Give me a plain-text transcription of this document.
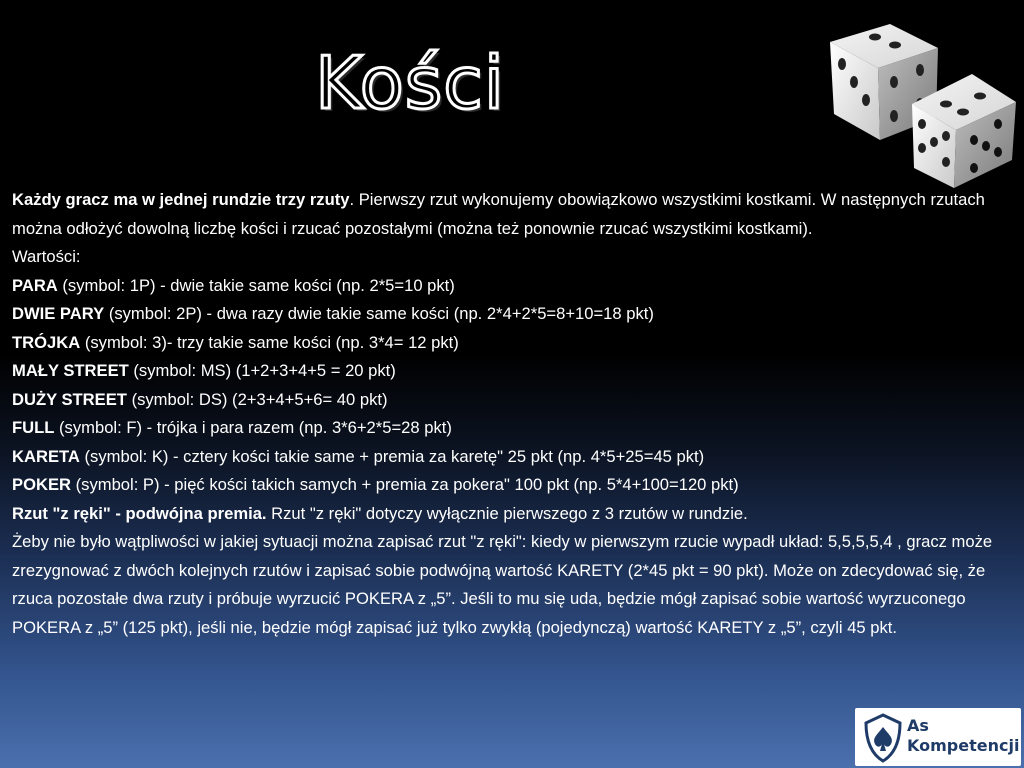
Kości

Każdy gracz ma w jednej rundzie trzy rzuty. Pierwszy rzut wykonujemy obowiązkowo wszystkimi kostkami. W następnych rzutach można odłożyć dowolną liczbę kości i rzucać pozostałymi (można też ponownie rzucać wszystkimi kostkami).

Wartości:

PARA (symbol: 1P) - dwie takie same kości (np. 2*5=10 pkt)

DWIE PARY (symbol: 2P) - dwa razy dwie takie same kości (np. 2*4+2*5=8+10=18 pkt)

TRÓJKA (symbol: 3)- trzy takie same kości (np. 3*4= 12 pkt)

MAŁY STREET (symbol: MS) (1+2+3+4+5 = 20 pkt)

DUŻY STREET (symbol: DS) (2+3+4+5+6= 40 pkt)

FULL (symbol: F) - trójka i para razem (np. 3*6+2*5=28 pkt)

KARETA (symbol: K) - cztery kości takie same + premia za karetę" 25 pkt (np. 4*5+25=45 pkt)

POKER (symbol: P) - pięć kości takich samych + premia za pokera" 100 pkt (np. 5*4+100=120 pkt)

Rzut "z ręki" - podwójna premia. Rzut "z ręki" dotyczy wyłącznie pierwszego z 3 rzutów w rundzie.

Żeby nie było wątpliwości w jakiej sytuacji można zapisać rzut "z ręki": kiedy w pierwszym rzucie wypadł układ: 5,5,5,5,4 , gracz może zrezygnować z dwóch kolejnych rzutów i zapisać sobie podwójną wartość KARETY (2*45 pkt = 90 pkt). Może on zdecydować się, że rzuca pozostałe dwa rzuty i próbuje wyrzucić POKERA z „5”. Jeśli to mu się uda, będzie mógł zapisać sobie wartość wyrzuconego POKERA z „5” (125 pkt), jeśli nie, będzie mógł zapisać już tylko zwykłą (pojedynczą) wartość KARETY z „5”, czyli 45 pkt.

As
Kompetencji
